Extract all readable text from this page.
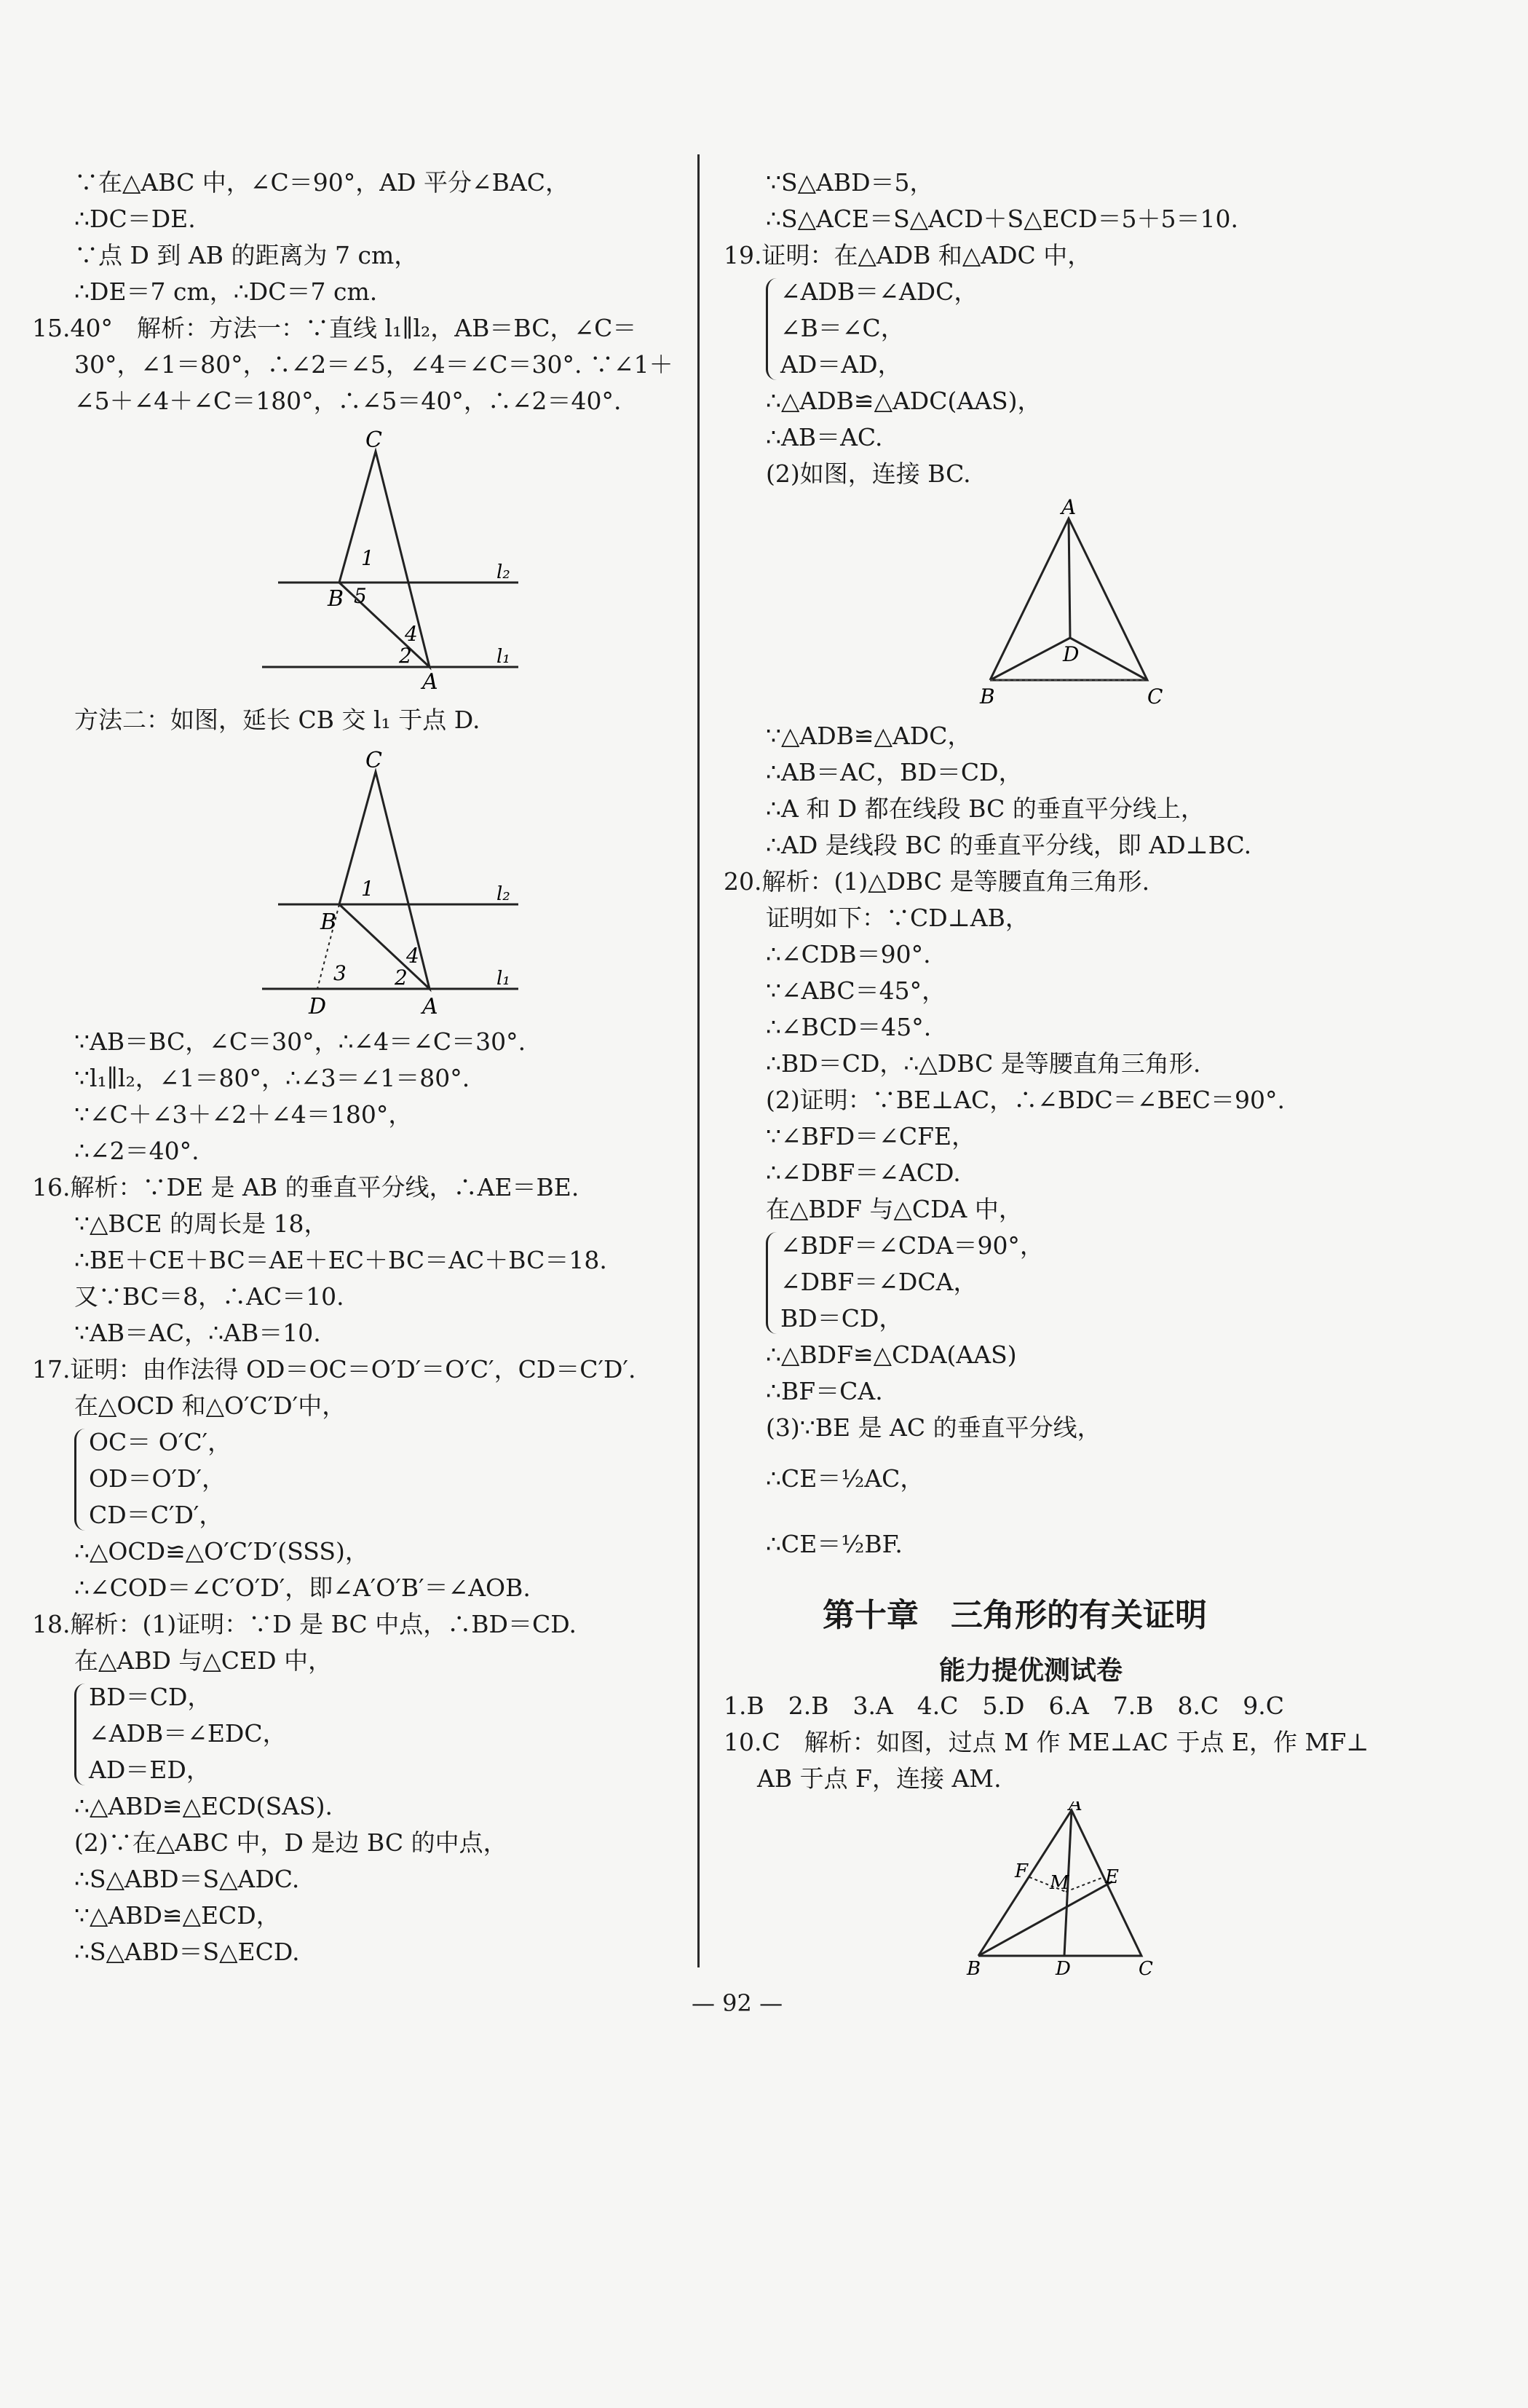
∵在△ABC 中，∠C＝90°，AD 平分∠BAC，
∴DC＝DE.
∵点 D 到 AB 的距离为 7 cm，
∴DE＝7 cm，∴DC＝7 cm.
15.40°　解析：方法一：∵直线 l₁∥l₂，AB＝BC，∠C＝
30°，∠1＝80°，∴∠2＝∠5，∠4＝∠C＝30°. ∵∠1＋
∠5＋∠4＋∠C＝180°，∴∠5＝40°，∴∠2＝40°.
C
1
B 5
4
2
A
l₂
l₁
方法二：如图，延长 CB 交 l₁ 于点 D.
C
1
B
4
3 2
D	A
l₂
l₁
∵AB＝BC，∠C＝30°，∴∠4＝∠C＝30°.
∵l₁∥l₂，∠1＝80°，∴∠3＝∠1＝80°.
∵∠C＋∠3＋∠2＋∠4＝180°，
∴∠2＝40°.
16.解析：∵DE 是 AB 的垂直平分线，∴AE＝BE.
∵△BCE 的周长是 18，
∴BE＋CE＋BC＝AE＋EC＋BC＝AC＋BC＝18.
又∵BC＝8，∴AC＝10.
∵AB＝AC，∴AB＝10.
17.证明：由作法得 OD＝OC＝O′D′＝O′C′，CD＝C′D′.
在△OCD 和△O′C′D′中，
OC＝ O′C′，
OD＝O′D′，
CD＝C′D′，
∴△OCD≌△O′C′D′(SSS)，
∴∠COD＝∠C′O′D′，即∠A′O′B′＝∠AOB.
18.解析：(1)证明：∵D 是 BC 中点，∴BD＝CD.
在△ABD 与△CED 中，
BD＝CD，
∠ADB＝∠EDC，
AD＝ED，
∴△ABD≌△ECD(SAS).
(2)∵在△ABC 中，D 是边 BC 的中点，
∴S△ABD＝S△ADC.
∵△ABD≌△ECD，
∴S△ABD＝S△ECD.
∵S△ABD＝5，
∴S△ACE＝S△ACD＋S△ECD＝5＋5＝10.
19.证明：在△ADB 和△ADC 中，
∠ADB＝∠ADC，
∠B＝∠C，
AD＝AD，
∴△ADB≌△ADC(AAS)，
∴AB＝AC.
(2)如图，连接 BC.
A
D
B	C
∵△ADB≌△ADC，
∴AB＝AC，BD＝CD，
∴A 和 D 都在线段 BC 的垂直平分线上，
∴AD 是线段 BC 的垂直平分线，即 AD⊥BC.
20.解析：(1)△DBC 是等腰直角三角形.
证明如下：∵CD⊥AB，
∴∠CDB＝90°.
∵∠ABC＝45°，
∴∠BCD＝45°.
∴BD＝CD，∴△DBC 是等腰直角三角形.
(2)证明：∵BE⊥AC，∴∠BDC＝∠BEC＝90°.
∵∠BFD＝∠CFE，
∴∠DBF＝∠ACD.
在△BDF 与△CDA 中，
∠BDF＝∠CDA＝90°，
∠DBF＝∠DCA，
BD＝CD，
∴△BDF≌△CDA(AAS)
∴BF＝CA.
(3)∵BE 是 AC 的垂直平分线，
∴CE＝½AC，
∴CE＝½BF.
第十章　三角形的有关证明
能力提优测试卷
1.B　2.B　3.A　4.C　5.D　6.A　7.B　8.C　9.C
10.C　解析：如图，过点 M 作 ME⊥AC 于点 E，作 MF⊥
AB 于点 F，连接 AM.
A
F
M E
B	D	C
— 92 —
